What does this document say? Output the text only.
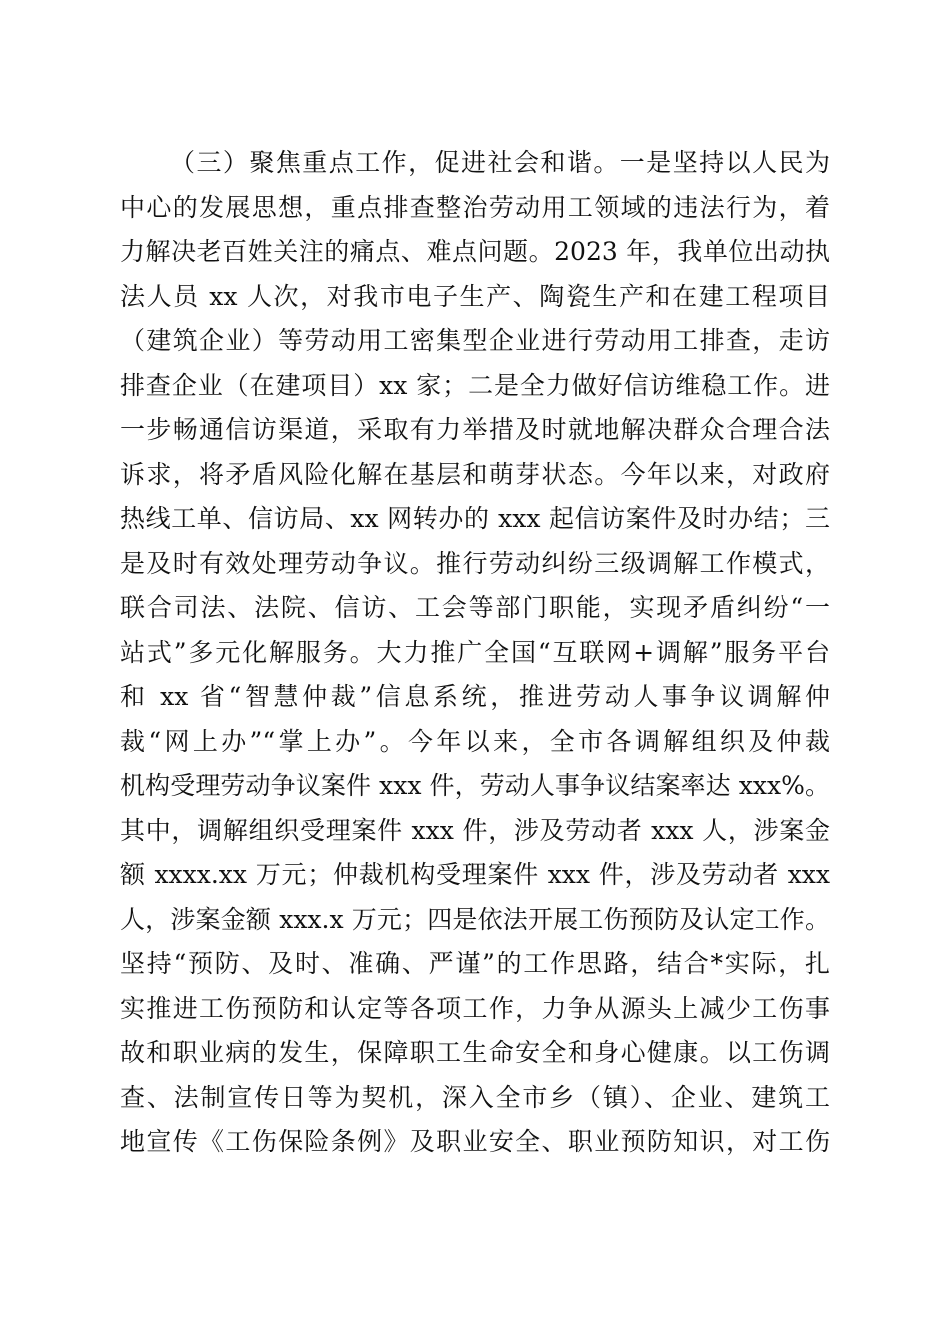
（三）聚焦重点工作，促进社会和谐。一是坚持以人民为
中心的发展思想，重点排查整治劳动用工领域的违法行为，着
力解决老百姓关注的痛点、难点问题。2023 年，我单位出动执
法人员 xx 人次，对我市电子生产、陶瓷生产和在建工程项目
（建筑企业）等劳动用工密集型企业进行劳动用工排查，走访
排查企业（在建项目）xx 家；二是全力做好信访维稳工作。进
一步畅通信访渠道，采取有力举措及时就地解决群众合理合法
诉求，将矛盾风险化解在基层和萌芽状态。今年以来，对政府
热线工单、信访局、xx 网转办的 xxx 起信访案件及时办结；三
是及时有效处理劳动争议。推行劳动纠纷三级调解工作模式，
联合司法、法院、信访、工会等部门职能，实现矛盾纠纷“一
站式”多元化解服务。大力推广全国“互联网+调解”服务平台
和 xx 省“智慧仲裁”信息系统，推进劳动人事争议调解仲
裁“网上办”“掌上办”。今年以来，全市各调解组织及仲裁
机构受理劳动争议案件 xxx 件，劳动人事争议结案率达 xxx%。
其中，调解组织受理案件 xxx 件，涉及劳动者 xxx 人，涉案金
额 xxxx.xx 万元；仲裁机构受理案件 xxx 件，涉及劳动者 xxx
人，涉案金额 xxx.x 万元；四是依法开展工伤预防及认定工作。
坚持“预防、及时、准确、严谨”的工作思路，结合*实际，扎
实推进工伤预防和认定等各项工作，力争从源头上减少工伤事
故和职业病的发生，保障职工生命安全和身心健康。以工伤调
查、法制宣传日等为契机，深入全市乡（镇）、企业、建筑工
地宣传《工伤保险条例》及职业安全、职业预防知识，对工伤
